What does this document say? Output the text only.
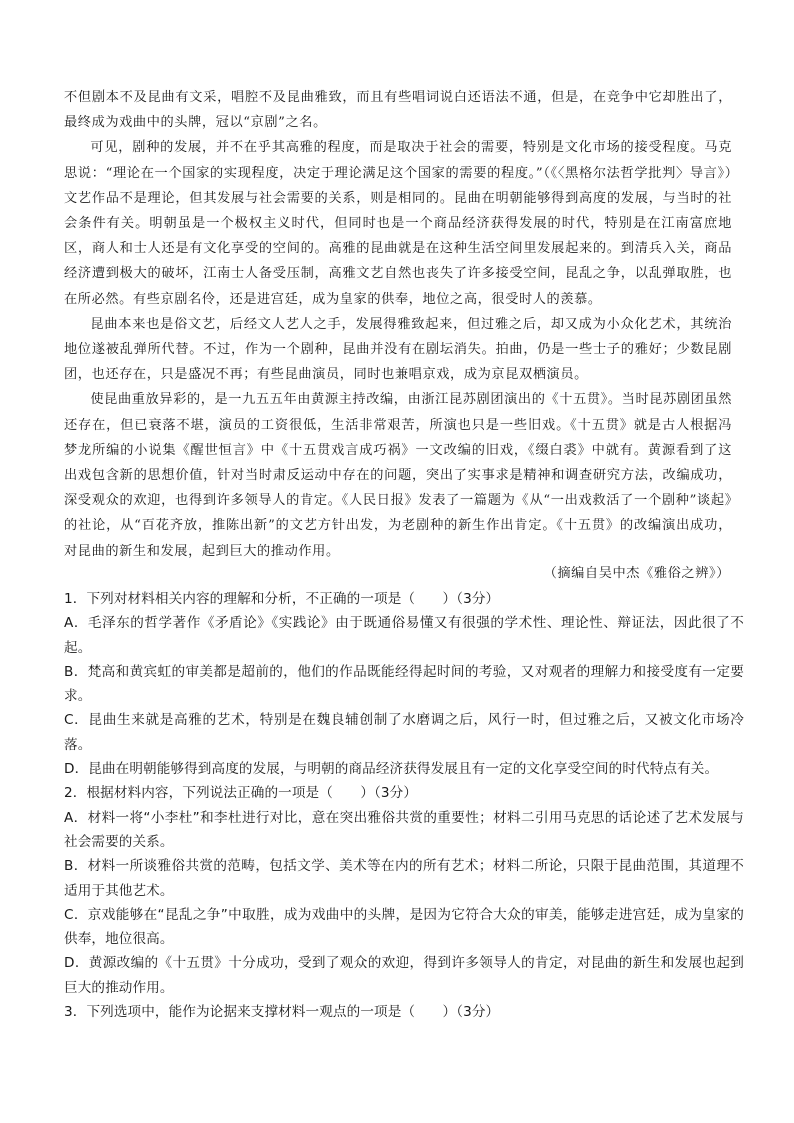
不但剧本不及昆曲有文采，唱腔不及昆曲雅致，而且有些唱词说白还语法不通，但是，在竞争中它却胜出了，最终成为戏曲中的头牌，冠以“京剧”之名。

可见，剧种的发展，并不在乎其高雅的程度，而是取决于社会的需要，特别是文化市场的接受程度。马克思说：“理论在一个国家的实现程度，决定于理论满足这个国家的需要的程度。”（《〈黑格尔法哲学批判〉导言》）文艺作品不是理论，但其发展与社会需要的关系，则是相同的。昆曲在明朝能够得到高度的发展，与当时的社会条件有关。明朝虽是一个极权主义时代，但同时也是一个商品经济获得发展的时代，特别是在江南富庶地区，商人和士人还是有文化享受的空间的。高雅的昆曲就是在这种生活空间里发展起来的。到清兵入关，商品经济遭到极大的破坏，江南士人备受压制，高雅文艺自然也丧失了许多接受空间，昆乱之争，以乱弹取胜，也在所必然。有些京剧名伶，还是进宫廷，成为皇家的供奉，地位之高，很受时人的羡慕。

昆曲本来也是俗文艺，后经文人艺人之手，发展得雅致起来，但过雅之后，却又成为小众化艺术，其统治地位遂被乱弹所代替。不过，作为一个剧种，昆曲并没有在剧坛消失。拍曲，仍是一些士子的雅好；少数昆剧团，也还存在，只是盛况不再；有些昆曲演员，同时也兼唱京戏，成为京昆双栖演员。

使昆曲重放异彩的，是一九五五年由黄源主持改编，由浙江昆苏剧团演出的《十五贯》。当时昆苏剧团虽然还存在，但已衰落不堪，演员的工资很低，生活非常艰苦，所演也只是一些旧戏。《十五贯》就是古人根据冯梦龙所编的小说集《醒世恒言》中《十五贯戏言成巧祸》一文改编的旧戏，《缀白裘》中就有。黄源看到了这出戏包含新的思想价值，针对当时肃反运动中存在的问题，突出了实事求是精神和调查研究方法，改编成功，深受观众的欢迎，也得到许多领导人的肯定。《人民日报》发表了一篇题为《从“一出戏救活了一个剧种”谈起》的社论，从“百花齐放，推陈出新”的文艺方针出发，为老剧种的新生作出肯定。《十五贯》的改编演出成功，对昆曲的新生和发展，起到巨大的推动作用。

（摘编自吴中杰《雅俗之辨》）

1．下列对材料相关内容的理解和分析，不正确的一项是（　　）（3分）

A．毛泽东的哲学著作《矛盾论》《实践论》由于既通俗易懂又有很强的学术性、理论性、辩证法，因此很了不起。

B．梵高和黄宾虹的审美都是超前的，他们的作品既能经得起时间的考验，又对观者的理解力和接受度有一定要求。

C．昆曲生来就是高雅的艺术，特别是在魏良辅创制了水磨调之后，风行一时，但过雅之后，又被文化市场冷落。

D．昆曲在明朝能够得到高度的发展，与明朝的商品经济获得发展且有一定的文化享受空间的时代特点有关。

2．根据材料内容，下列说法正确的一项是（　　）（3分）

A．材料一将“小李杜”和李杜进行对比，意在突出雅俗共赏的重要性；材料二引用马克思的话论述了艺术发展与社会需要的关系。

B．材料一所谈雅俗共赏的范畴，包括文学、美术等在内的所有艺术；材料二所论，只限于昆曲范围，其道理不适用于其他艺术。

C．京戏能够在“昆乱之争”中取胜，成为戏曲中的头牌，是因为它符合大众的审美，能够走进宫廷，成为皇家的供奉，地位很高。

D．黄源改编的《十五贯》十分成功，受到了观众的欢迎，得到许多领导人的肯定，对昆曲的新生和发展也起到巨大的推动作用。

3．下列选项中，能作为论据来支撑材料一观点的一项是（　　）（3分）
